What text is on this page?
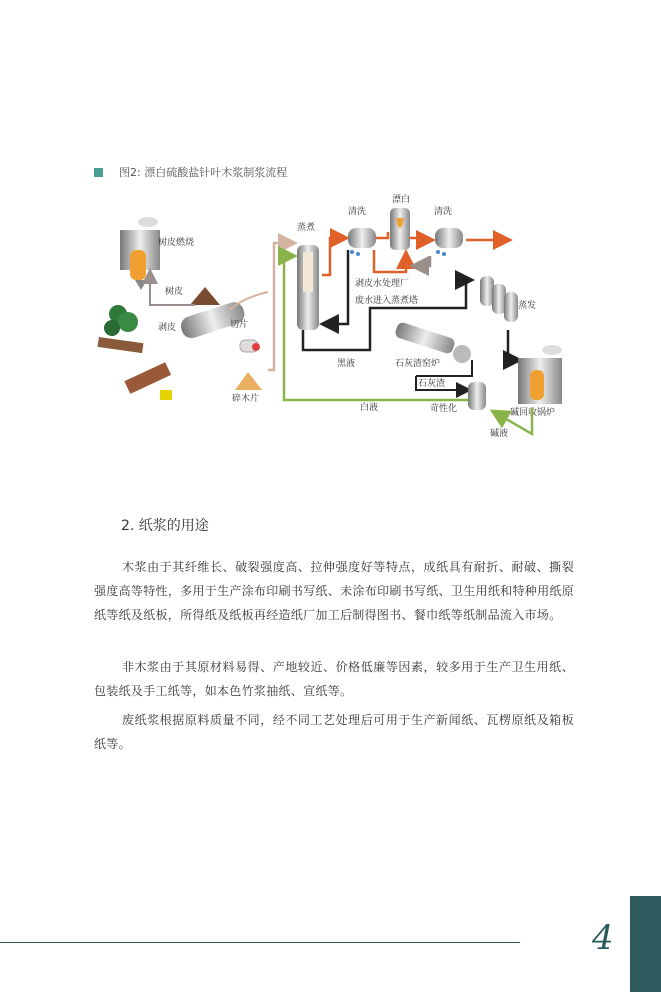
图2: 漂白硫酸盐针叶木浆制浆流程
树皮燃烧
树皮
剥皮	切片
碎木片
蒸煮
清洗
漂白
清洗
剥皮水处理厂
废水进入蒸煮塔	蒸发
黑液	石灰渣窑炉
石灰渣
苛性化	碱回收锅炉
碱液
白液
2. 纸浆的用途

木浆由于其纤维长、破裂强度高、拉伸强度好等特点，成纸具有耐折、耐破、撕裂强度高等特性，多用于生产涂布印刷书写纸、未涂布印刷书写纸、卫生用纸和特种用纸原纸等纸及纸板，所得纸及纸板再经造纸厂加工后制得图书、餐巾纸等纸制品流入市场。

非木浆由于其原材料易得、产地较近、价格低廉等因素，较多用于生产卫生用纸、包装纸及手工纸等，如本色竹浆抽纸、宣纸等。

废纸浆根据原料质量不同，经不同工艺处理后可用于生产新闻纸、瓦楞原纸及箱板纸等。

4
